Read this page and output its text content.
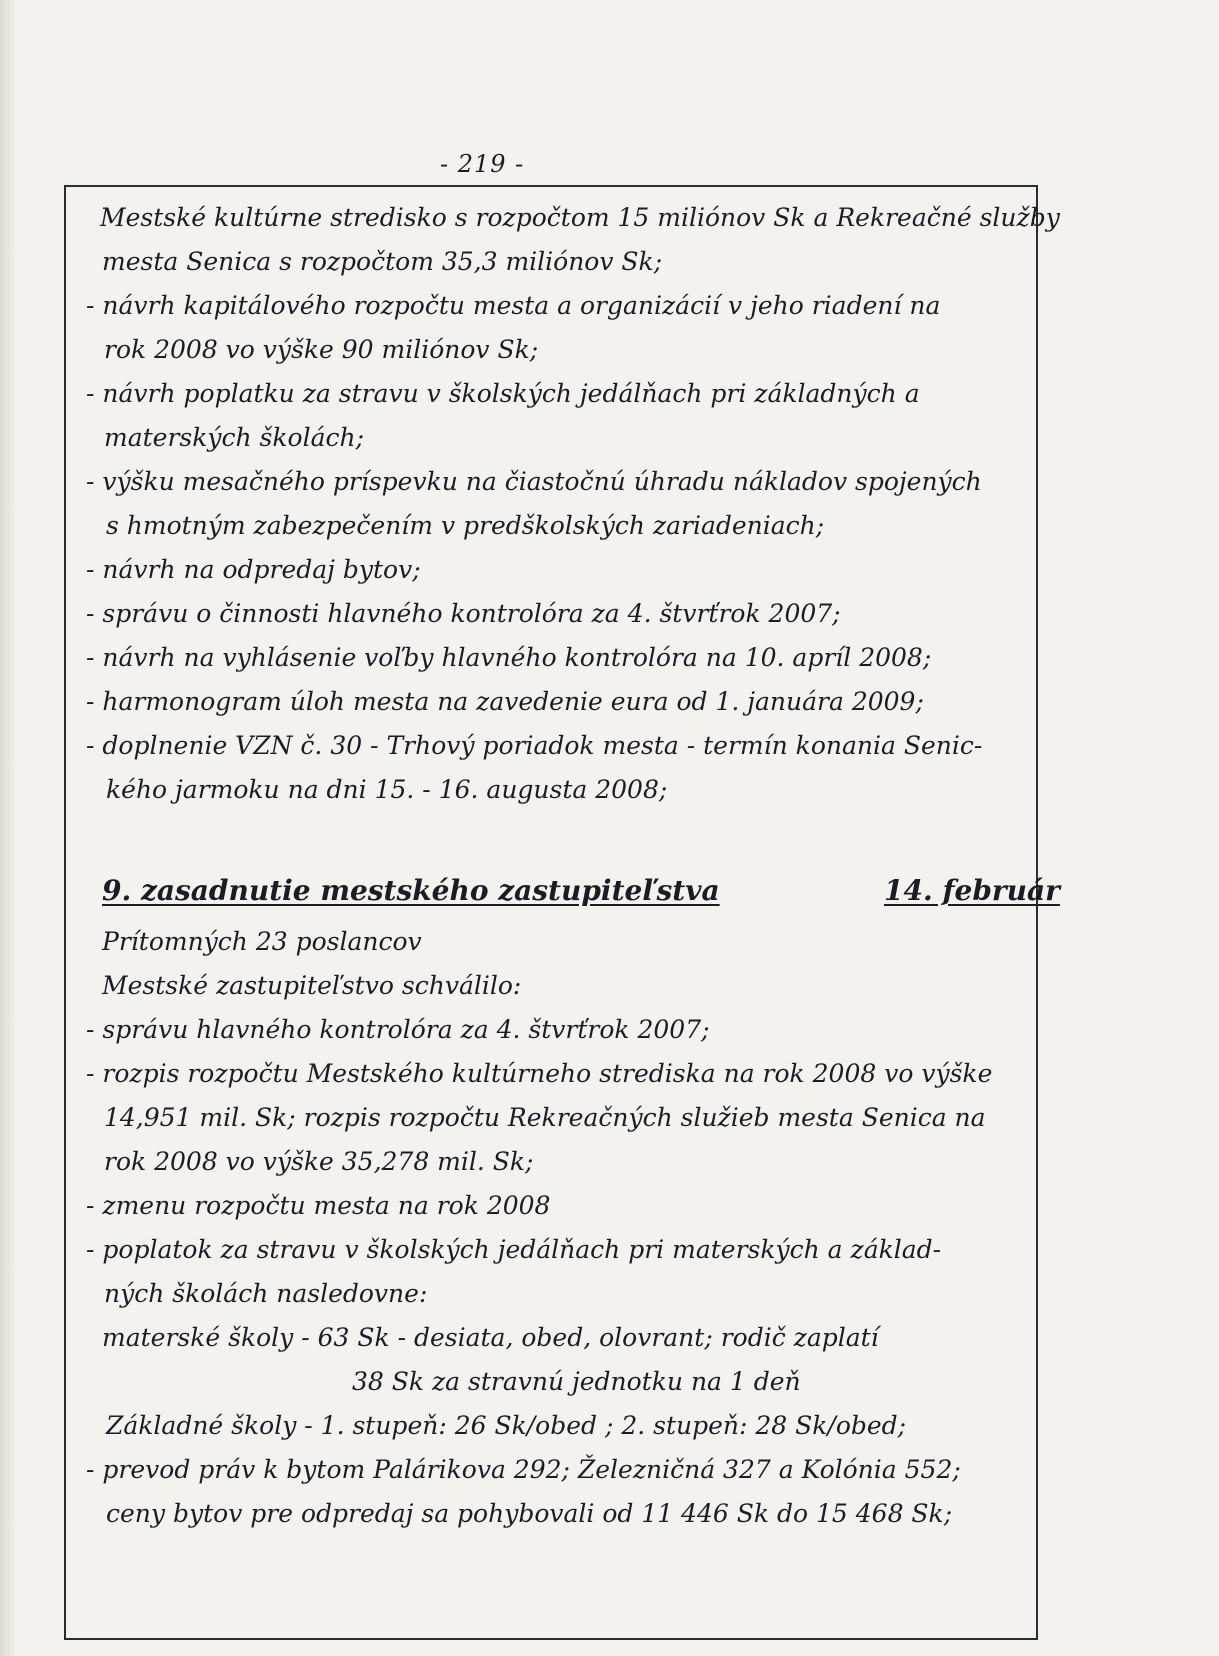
- 219 -
Mestské kultúrne stredisko s rozpočtom 15 miliónov Sk a Rekreačné služby
mesta Senica s rozpočtom 35,3 miliónov Sk;
- návrh kapitálového rozpočtu mesta a organizácií v jeho riadení na
rok 2008 vo výške 90 miliónov Sk;
- návrh poplatku za stravu v školských jedálňach pri základných a
materských školách;
- výšku mesačného príspevku na čiastočnú úhradu nákladov spojených
s hmotným zabezpečením v predškolských zariadeniach;
- návrh na odpredaj bytov;
- správu o činnosti hlavného kontrolóra za 4. štvrťrok 2007;
- návrh na vyhlásenie voľby hlavného kontrolóra na 10. apríl 2008;
- harmonogram úloh mesta na zavedenie eura od 1. januára 2009;
- doplnenie VZN č. 30 - Trhový poriadok mesta - termín konania Senic-
kého jarmoku na dni 15. - 16. augusta 2008;
9. zasadnutie mestského zastupiteľstva	14. február
Prítomných 23 poslancov
Mestské zastupiteľstvo schválilo:
- správu hlavného kontrolóra za 4. štvrťrok 2007;
- rozpis rozpočtu Mestského kultúrneho strediska na rok 2008 vo výške
14,951 mil. Sk; rozpis rozpočtu Rekreačných služieb mesta Senica na
rok 2008 vo výške 35,278 mil. Sk;
- zmenu rozpočtu mesta na rok 2008
- poplatok za stravu v školských jedálňach pri materských a základ-
ných školách nasledovne:
materské školy - 63 Sk - desiata, obed, olovrant; rodič zaplatí
38 Sk za stravnú jednotku na 1 deň
Základné školy - 1. stupeň: 26 Sk/obed ; 2. stupeň: 28 Sk/obed;
- prevod práv k bytom Palárikova 292; Železničná 327 a Kolónia 552;
ceny bytov pre odpredaj sa pohybovali od 11 446 Sk do 15 468 Sk;
